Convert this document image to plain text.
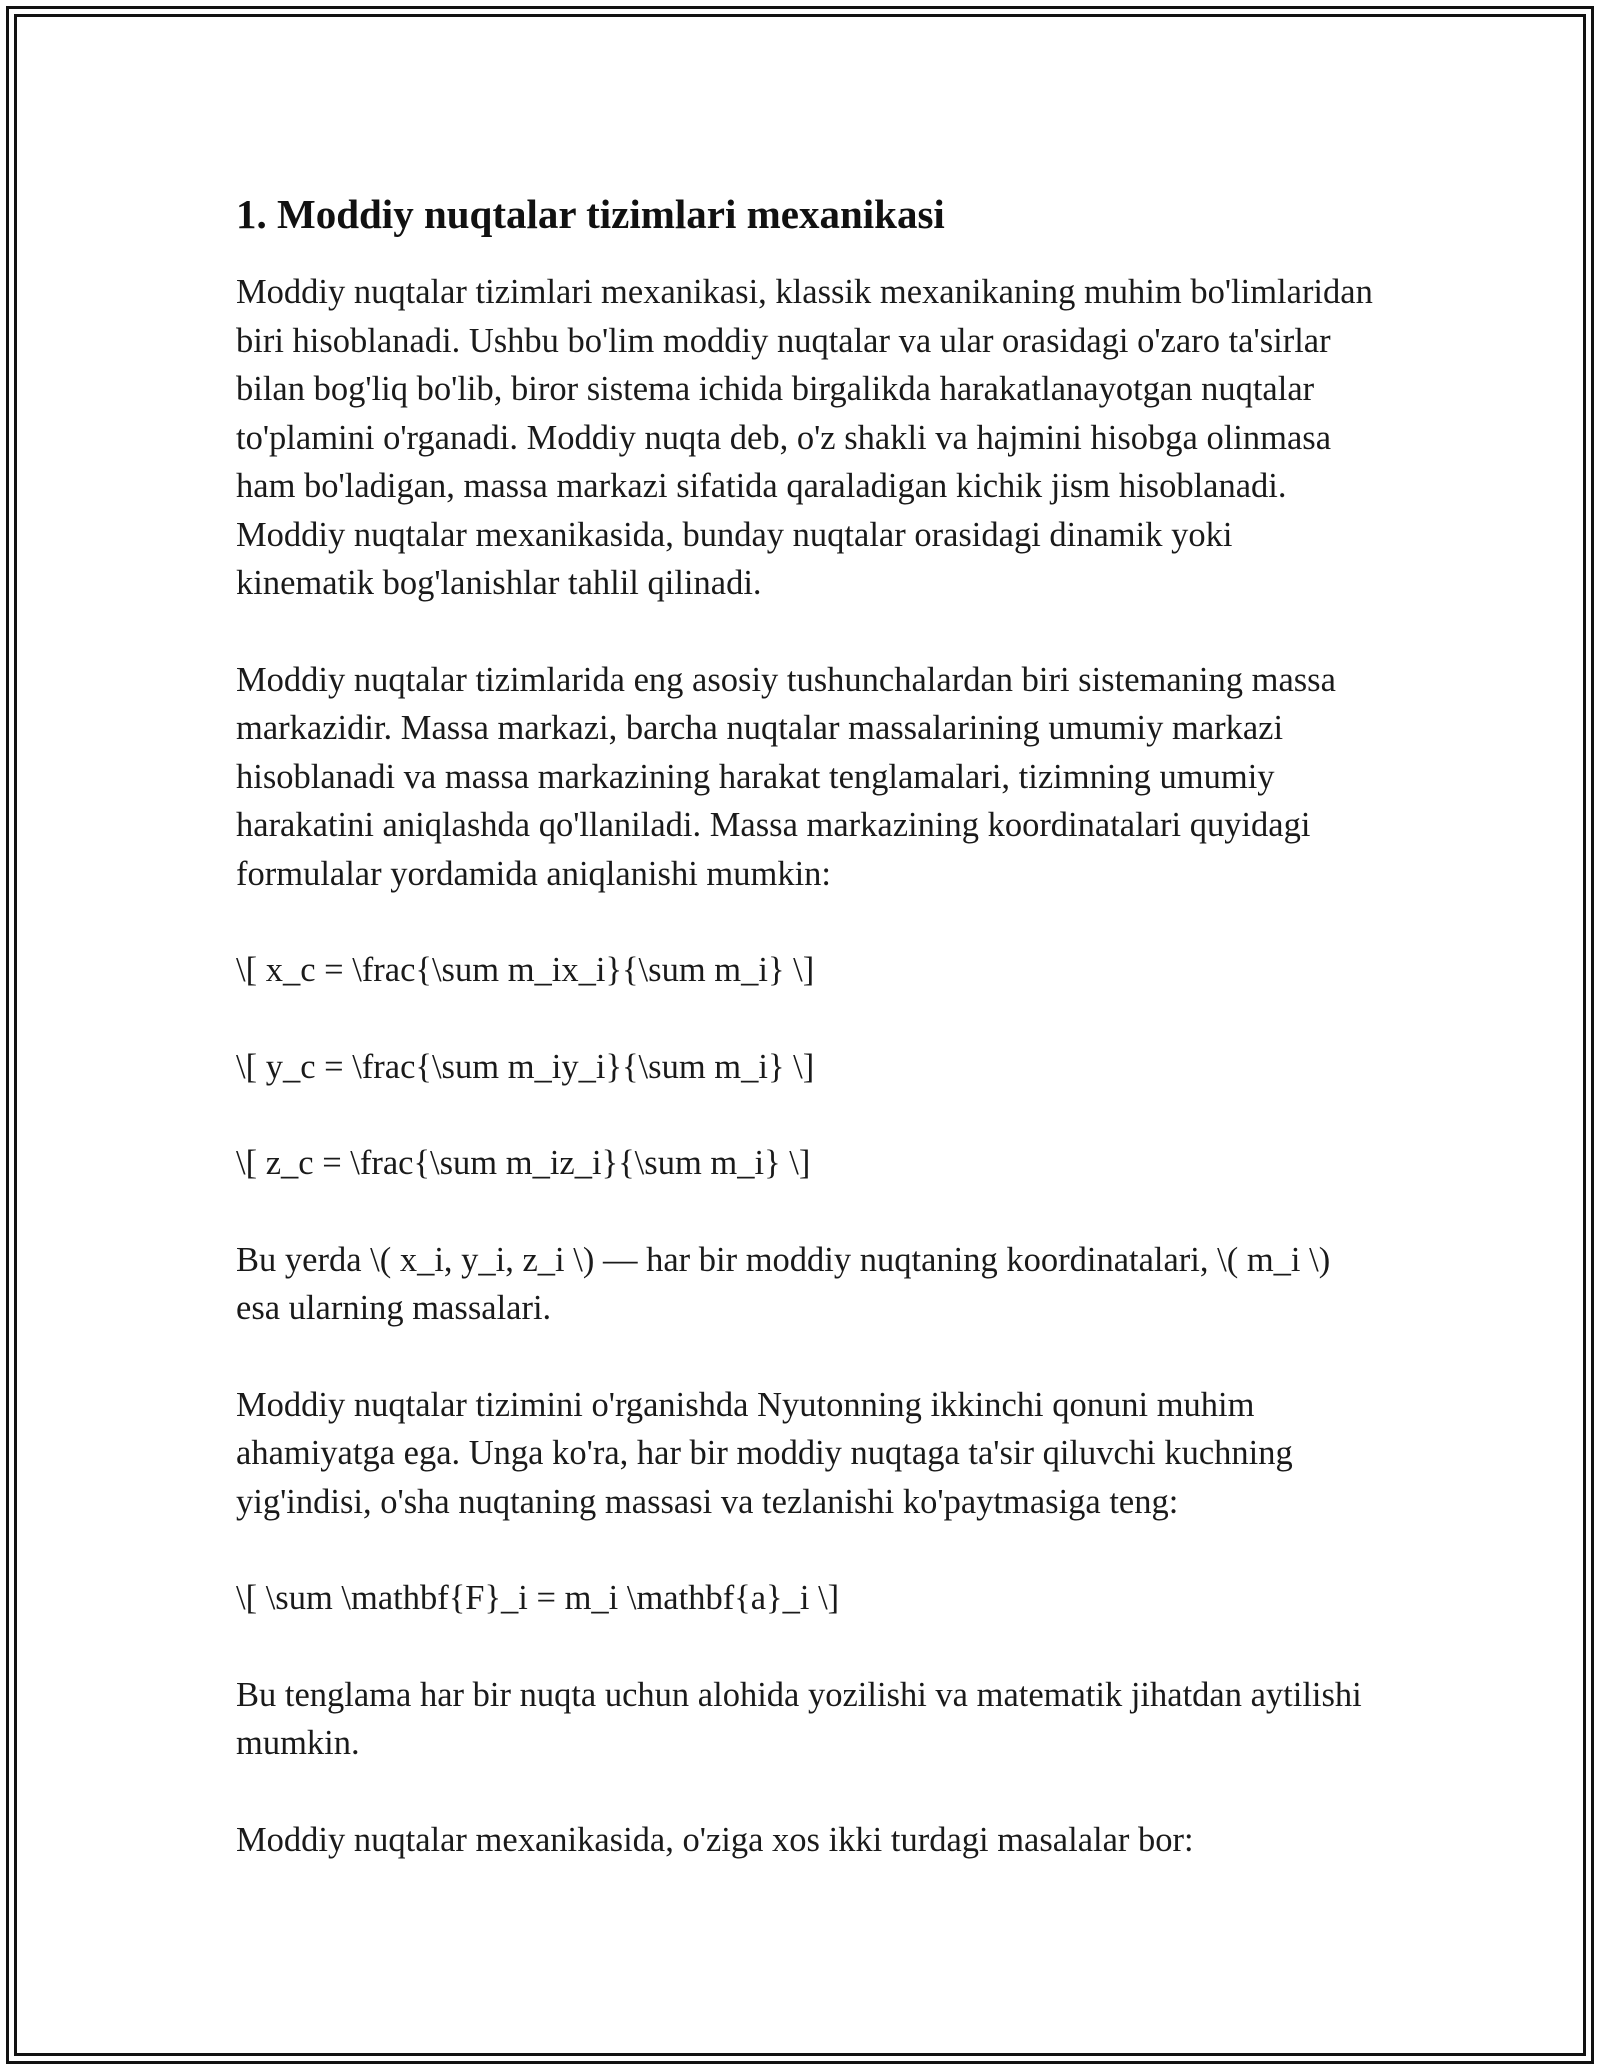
1. Moddiy nuqtalar tizimlari mexanikasi

Moddiy nuqtalar tizimlari mexanikasi, klassik mexanikaning muhim bo'limlaridan biri hisoblanadi. Ushbu bo'lim moddiy nuqtalar va ular orasidagi o'zaro ta'sirlar bilan bog'liq bo'lib, biror sistema ichida birgalikda harakatlanayotgan nuqtalar to'plamini o'rganadi. Moddiy nuqta deb, o'z shakli va hajmini hisobga olinmasa ham bo'ladigan, massa markazi sifatida qaraladigan kichik jism hisoblanadi. Moddiy nuqtalar mexanikasida, bunday nuqtalar orasidagi dinamik yoki kinematik bog'lanishlar tahlil qilinadi.

Moddiy nuqtalar tizimlarida eng asosiy tushunchalardan biri sistemaning massa markazidir. Massa markazi, barcha nuqtalar massalarining umumiy markazi hisoblanadi va massa markazining harakat tenglamalari, tizimning umumiy harakatini aniqlashda qo'llaniladi. Massa markazining koordinatalari quyidagi formulalar yordamida aniqlanishi mumkin:

\[ x_c = \frac{\sum m_ix_i}{\sum m_i} \]

\[ y_c = \frac{\sum m_iy_i}{\sum m_i} \]

\[ z_c = \frac{\sum m_iz_i}{\sum m_i} \]

Bu yerda \( x_i, y_i, z_i \) — har bir moddiy nuqtaning koordinatalari, \( m_i \) esa ularning massalari.

Moddiy nuqtalar tizimini o'rganishda Nyutonning ikkinchi qonuni muhim ahamiyatga ega. Unga ko'ra, har bir moddiy nuqtaga ta'sir qiluvchi kuchning yig'indisi, o'sha nuqtaning massasi va tezlanishi ko'paytmasiga teng:

\[ \sum \mathbf{F}_i = m_i \mathbf{a}_i \]

Bu tenglama har bir nuqta uchun alohida yozilishi va matematik jihatdan aytilishi mumkin.

Moddiy nuqtalar mexanikasida, o'ziga xos ikki turdagi masalalar bor:
